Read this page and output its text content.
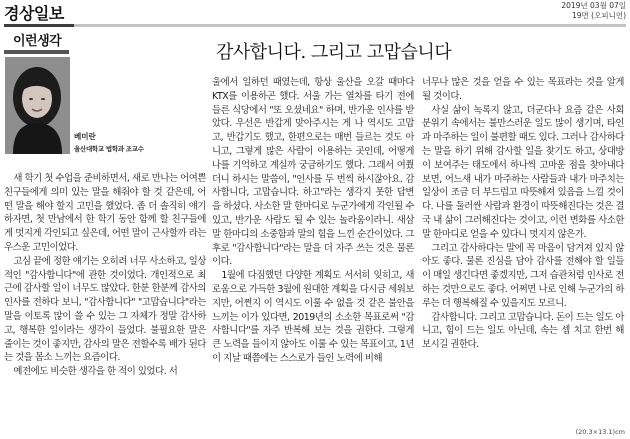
경상일보	2019년 03월 07일
19면 (오피니언)
이런생각
베미란
울산대학교 법학과 조교수
감사합니다. 그리고 고맙습니다

새 학기 첫 수업을 준비하면서, 새로 만나는 어여쁜 친구들에게 의미 있는 말을 해줘야 할 것 같은데, 어떤 말을 해야 할지 고민을 했었다. 좀 더 솔직히 얘기하자면, 첫 만남에서 한 학기 동안 함께 할 친구들에게 멋지게 각인되고 싶은데, 어떤 말이 근사할까 라는 우스운 고민이었다.

고심 끝에 정한 얘기는 오히려 너무 사소하고, 일상적인 "감사합니다"에 관한 것이었다. 개인적으로 최근에 감사할 일이 너무도 많았다. 한분 한분께 감사의 인사를 전하다 보니, "감사합니다" "고맙습니다"라는 말을 이토록 많이 쓸 수 있는 그 자체가 정말 감사하고, 행복한 일이라는 생각이 들었다. 불필요한 말은 줄이는 것이 좋지만, 감사의 말은 전할수록 배가 된다는 것을 몸소 느끼는 요즘이다.

예전에도 비슷한 생각을 한 적이 있었다. 서

울에서 일하던 때였는데, 항상 울산을 오갈 때마다 KTX를 이용하곤 했다. 서울 가는 열차를 타기 전에 들른 식당에서 "또 오셨네요" 하며, 반가운 인사를 받았다. 우선은 반갑게 맞아주시는 게 나 역시도 고맙고, 반갑기도 했고, 한편으로는 매번 들르는 것도 아니고, 그렇게 많은 사람이 이용하는 곳인데, 어떻게 나를 기억하고 계실까 궁금하기도 했다. 그래서 여쭸더니 하시는 말씀이, "인사를 두 번씩 하시잖아요. 감사합니다, 고맙습니다. 하고"라는 생각지 못한 답변을 하셨다. 사소한 말 한마디로 누군가에게 각인될 수 있고, 반가운 사람도 될 수 있는 놀라움이라니. 새삼 말 한마디의 소중함과 말의 힘을 느낀 순간이었다. 그 후로 "감사합니다"라는 말을 더 자주 쓰는 것은 물론이다.

1월에 다짐했던 다양한 계획도 서서히 잊히고, 새로움으로 가득한 3월에 원대한 계획을 다시금 세워보지만, 어쩐지 이 역시도 이룰 수 없을 것 같은 불안을 느끼는 이가 있다면, 2019년의 소소한 목표로써 "감사합니다"를 자주 반복해 보는 것을 권한다. 그렇게 큰 노력을 들이지 않아도 이룰 수 있는 목표이고, 1년이 지날 때쯤에는 스스로가 들인 노력에 비해

너무나 많은 것을 얻을 수 있는 목표라는 것을 알게 될 것이다.

사실 삶이 녹록지 않고, 더군다나 요즘 같은 사회 분위기 속에서는 불만스러운 일도 많이 생기며, 타인과 마주하는 일이 불편할 때도 있다. 그러나 감사하다는 말을 하기 위해 감사할 일을 찾기도 하고, 상대방이 보여주는 태도에서 하나씩 고마운 점을 찾아내다 보면, 어느새 내가 마주하는 사람들과 내가 마주치는 일상이 조금 더 부드럽고 따뜻해져 있음을 느낄 것이다. 나를 둘러싼 사람과 환경이 따뜻해진다는 것은 결국 내 삶이 그러해진다는 것이고, 이런 변화를 사소한 말 한마디로 얻을 수 있다니 멋지지 않은가.

그리고 감사하다는 말에 꼭 마음이 담겨져 있지 않아도 좋다. 물론 진심을 담아 감사를 전해야 할 일들이 매일 생긴다면 좋겠지만, 그저 습관처럼 인사로 전하는 것만으로도 좋다. 어쩌면 나로 인해 누군가의 하루는 더 행복해질 수 있을지도 모르니.

감사합니다. 그리고 고맙습니다. 돈이 드는 일도 아니고, 힘이 드는 일도 아닌데, 속는 셈 치고 한번 해 보시길 권한다.

(20.3×13.1)cm
